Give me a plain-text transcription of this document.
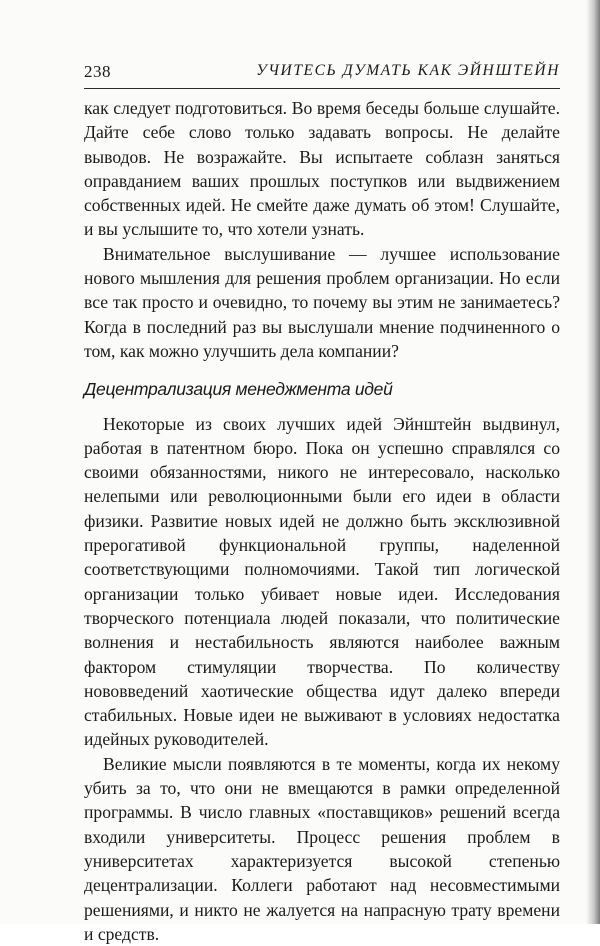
238	УЧИТЕСЬ ДУМАТЬ КАК ЭЙНШТЕЙН

как следует подготовиться. Во время беседы больше слушайте. Дайте себе слово только задавать вопросы. Не делайте выводов. Не возражайте. Вы испытаете соблазн заняться оправданием ваших прошлых поступков или выдвижением собственных идей. Не смейте даже думать об этом! Слушайте, и вы услышите то, что хотели узнать.

Внимательное выслушивание — лучшее использование нового мышления для решения проблем организации. Но если все так просто и очевидно, то почему вы этим не занимаетесь? Когда в последний раз вы выслушали мнение подчиненного о том, как можно улучшить дела компании?

Децентрализация менеджмента идей

Некоторые из своих лучших идей Эйнштейн выдвинул, работая в патентном бюро. Пока он успешно справлялся со своими обязанностями, никого не интересовало, насколько нелепыми или революционными были его идеи в области физики. Развитие новых идей не должно быть эксклюзивной прерогативой функциональной группы, наделенной соответствующими полномочиями. Такой тип логической организации только убивает новые идеи. Исследования творческого потенциала людей показали, что политические волнения и нестабильность являются наиболее важным фактором стимуляции творчества. По количеству нововведений хаотические общества идут далеко впереди стабильных. Новые идеи не выживают в условиях недостатка идейных руководителей.

Великие мысли появляются в те моменты, когда их некому убить за то, что они не вмещаются в рамки определенной программы. В число главных «поставщиков» решений всегда входили университеты. Процесс решения проблем в университетах характеризуется высокой степенью децентрализации. Коллеги работают над несовместимыми решениями, и никто не жалуется на напрасную трату времени и средств.
